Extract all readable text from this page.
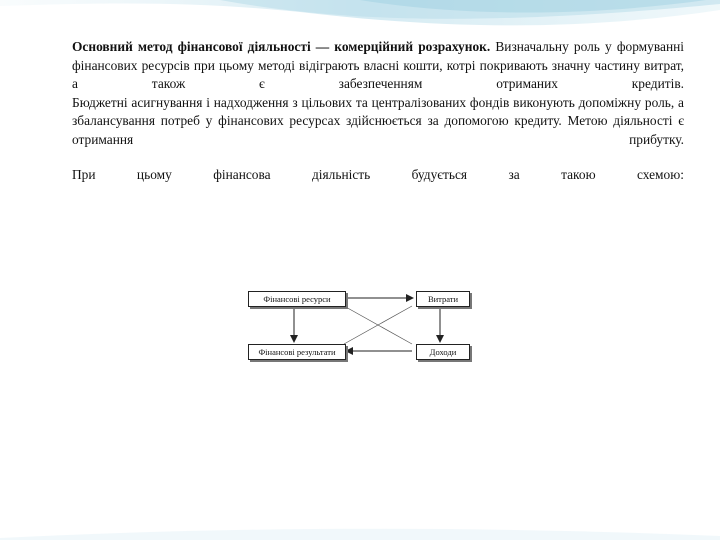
Основний метод фінансової діяльності — комерційний розрахунок. Визначальну роль у формуванні фінансових ресурсів при цьому методі відіграють власні кошти, котрі покривають значну частину витрат, а також є забезпеченням отриманих кредитів.

Бюджетні асигнування і надходження з цільових та централізованих фондів виконують допоміжну роль, а збалансування потреб у фінансових ресурсах здійснюється за допомогою кредиту. Метою діяльності є отримання прибутку.

При	цьому	фінансова	діяльність	будується	за	такою	схемою:
Фінансові ресурси	Витрати
Фінансові результати	Доходи
